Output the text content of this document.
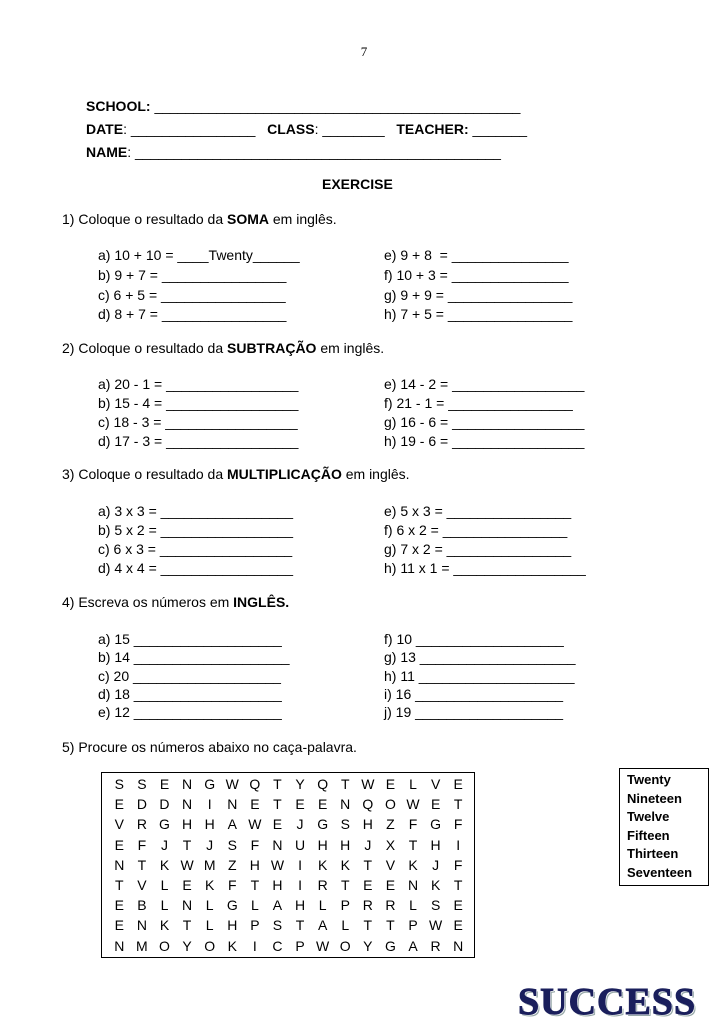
7
SCHOOL: _______________________________________________
DATE: ________________ CLASS: ________ TEACHER: _______
NAME: _______________________________________________
EXERCISE
1) Coloque o resultado da SOMA em inglês.
a) 10 + 10 = ____Twenty______
b) 9 + 7 = ________________
c) 6 + 5 = ________________
d) 8 + 7 = ________________
e) 9 + 8  = _______________
f) 10 + 3 = _______________
g) 9 + 9 = ________________
h) 7 + 5 = ________________
2) Coloque o resultado da SUBTRAÇÃO em inglês.
a) 20 - 1 = _________________
b) 15 - 4 = _________________
c) 18 - 3 = _________________
d) 17 - 3 = _________________
e) 14 - 2 = _________________
f) 21 - 1 = ________________
g) 16 - 6 = _________________
h) 19 - 6 = _________________
3) Coloque o resultado da MULTIPLICAÇÃO em inglês.
a) 3 x 3 = _________________
b) 5 x 2 = _________________
c) 6 x 3 = _________________
d) 4 x 4 = _________________
e) 5 x 3 = ________________
f) 6 x 2 = ________________
g) 7 x 2 = ________________
h) 11 x 1 = _________________
4) Escreva os números em INGLÊS.
a) 15 ___________________
b) 14 ____________________
c) 20 ___________________
d) 18 ___________________
e) 12 ___________________
f) 10 ___________________
g) 13 ____________________
h) 11 ____________________
i) 16 ___________________
j) 19 ___________________
5) Procure os números abaixo no caça-palavra.
S	S	E	N	G	W	Q	T	Y	Q	T	W	E	L	V	E
E	D	D	N	I	N	E	T	E	E	N	Q	O	W	E	T
V	R	G	H	H	A	W	E	J	G	S	H	Z	F	G	F
E	F	J	T	J	S	F	N	U	H	H	J	X	T	H	I
N	T	K	W	M	Z	H	W	I	K	K	T	V	K	J	F
T	V	L	E	K	F	T	H	I	R	T	E	E	N	K	T
E	B	L	N	L	G	L	A	H	L	P	R	R	L	S	E
E	N	K	T	L	H	P	S	T	A	L	T	T	P	W	E
N	M	O	Y	O	K	I	C	P	W	O	Y	G	A	R	N
Twenty
Nineteen
Twelve
Fifteen
Thirteen
Seventeen
SUCCESS
